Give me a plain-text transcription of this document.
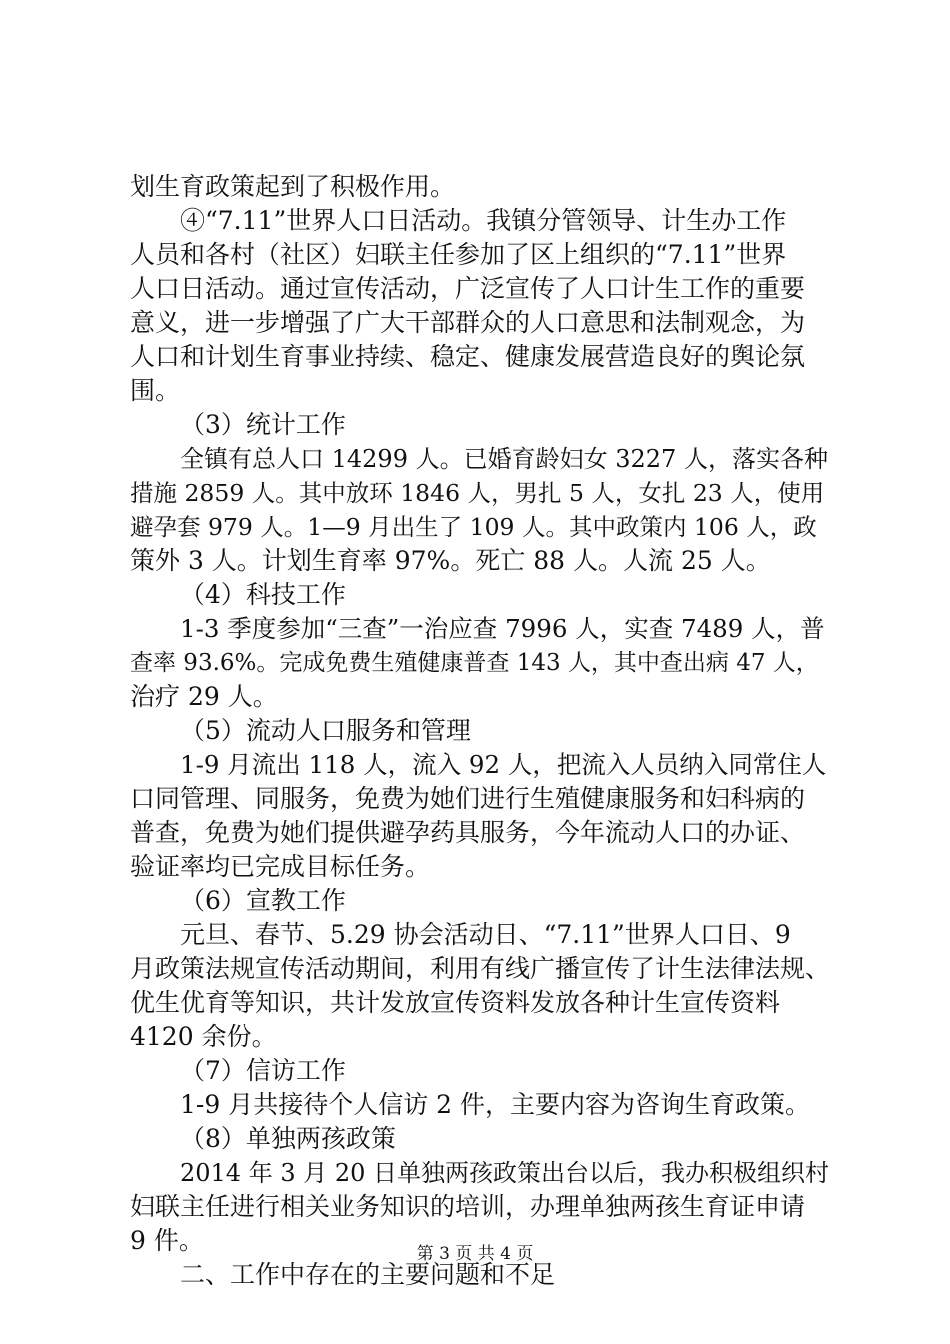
划生育政策起到了积极作用。
④“7.11”世界人口日活动。我镇分管领导、计生办工作
人员和各村（社区）妇联主任参加了区上组织的“7.11”世界
人口日活动。通过宣传活动，广泛宣传了人口计生工作的重要
意义，进一步增强了广大干部群众的人口意思和法制观念，为
人口和计划生育事业持续、稳定、健康发展营造良好的舆论氛
围。
（3）统计工作
全镇有总人口 14299 人。已婚育龄妇女 3227 人，落实各种
措施 2859 人。其中放环 1846 人，男扎 5 人，女扎 23 人，使用
避孕套 979 人。1—9 月出生了 109 人。其中政策内 106 人，政
策外 3 人。计划生育率 97%。死亡 88 人。人流 25 人。
（4）科技工作
1-3 季度参加“三查”一治应查 7996 人，实查 7489 人，普
查率 93.6%。完成免费生殖健康普查 143 人，其中查出病 47 人，
治疗 29 人。
（5）流动人口服务和管理
1-9 月流出 118 人，流入 92 人，把流入人员纳入同常住人
口同管理、同服务，免费为她们进行生殖健康服务和妇科病的
普查，免费为她们提供避孕药具服务，今年流动人口的办证、
验证率均已完成目标任务。
（6）宣教工作
元旦、春节、5.29 协会活动日、“7.11”世界人口日、9
月政策法规宣传活动期间，利用有线广播宣传了计生法律法规、
优生优育等知识，共计发放宣传资料发放各种计生宣传资料
4120 余份。
（7）信访工作
1-9 月共接待个人信访 2 件，主要内容为咨询生育政策。
（8）单独两孩政策
2014 年 3 月 20 日单独两孩政策出台以后，我办积极组织村
妇联主任进行相关业务知识的培训，办理单独两孩生育证申请
9 件。
二、工作中存在的主要问题和不足
第 3 页 共 4 页
